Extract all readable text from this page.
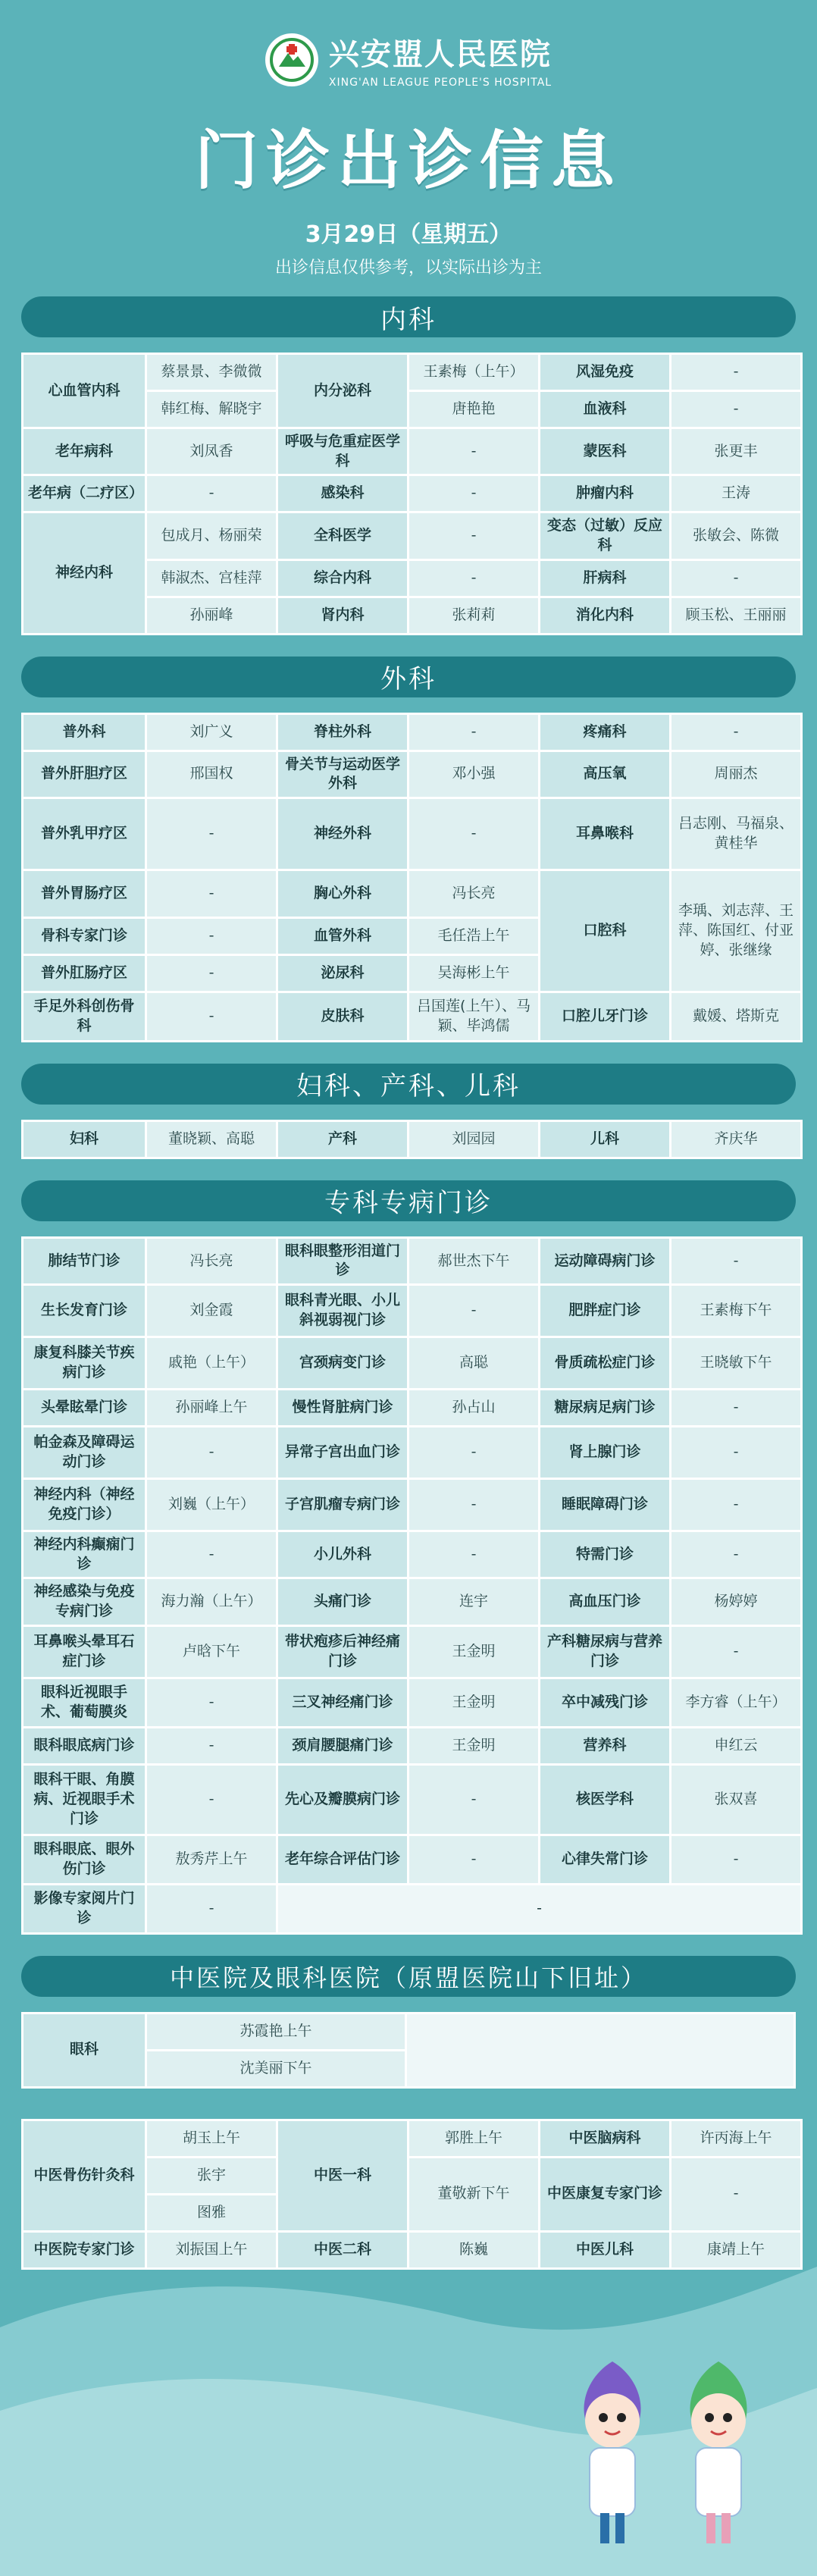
兴安盟人民医院
XING'AN LEAGUE PEOPLE'S HOSPITAL
门诊出诊信息
3月29日（星期五）
出诊信息仅供参考，以实际出诊为主
内科
心血管内科	蔡景景、李微微	内分泌科	王素梅（上午）	风湿免疫	-
	韩红梅、解晓宇		唐艳艳	血液科	-
老年病科	刘凤香	呼吸与危重症医学科	-	蒙医科	张更丰
老年病（二疗区）	-	感染科	-	肿瘤内科	王涛
神经内科	包成月、杨丽荣	全科医学	-	变态（过敏）反应科	张敏会、陈微
	韩淑杰、宫桂萍	综合内科	-	肝病科	-
	孙丽峰	肾内科	张莉莉	消化内科	顾玉松、王丽丽
外科
普外科	刘广义	脊柱外科	-	疼痛科	-
普外肝胆疗区	邢国权	骨关节与运动医学外科	邓小强	高压氧	周丽杰
普外乳甲疗区	-	神经外科	-	耳鼻喉科	吕志刚、马福泉、黄桂华
普外胃肠疗区	-	胸心外科	冯长亮	口腔科	李瑀、刘志萍、王萍、陈国红、付亚婷、张继缘
骨科专家门诊	-	血管外科	毛任浩上午		
普外肛肠疗区	-	泌尿科	吴海彬上午		
手足外科创伤骨科	-	皮肤科	吕国莲(上午）、马颖、毕鸿儒	口腔儿牙门诊	戴媛、塔斯克
妇科、产科、儿科
妇科	董晓颖、高聪	产科	刘园园	儿科	齐庆华
专科专病门诊
肺结节门诊	冯长亮	眼科眼整形泪道门诊	郝世杰下午	运动障碍病门诊	-
生长发育门诊	刘金霞	眼科青光眼、小儿斜视弱视门诊	-	肥胖症门诊	王素梅下午
康复科膝关节疾病门诊	戚艳（上午）	宫颈病变门诊	高聪	骨质疏松症门诊	王晓敏下午
头晕眩晕门诊	孙丽峰上午	慢性肾脏病门诊	孙占山	糖尿病足病门诊	-
帕金森及障碍运动门诊	-	异常子宫出血门诊	-	肾上腺门诊	-
神经内科（神经免疫门诊）	刘巍（上午）	子宫肌瘤专病门诊	-	睡眠障碍门诊	-
神经内科癫痫门诊	-	小儿外科	-	特需门诊	-
神经感染与免疫专病门诊	海力瀚（上午）	头痛门诊	连宇	高血压门诊	杨婷婷
耳鼻喉头晕耳石症门诊	卢晗下午	带状疱疹后神经痛门诊	王金明	产科糖尿病与营养门诊	-
眼科近视眼手术、葡萄膜炎	-	三叉神经痛门诊	王金明	卒中减残门诊	李方睿（上午）
眼科眼底病门诊	-	颈肩腰腿痛门诊	王金明	营养科	申红云
眼科干眼、角膜病、近视眼手术门诊	-	先心及瓣膜病门诊	-	核医学科	张双喜
眼科眼底、眼外伤门诊	敖秀芹上午	老年综合评估门诊	-	心律失常门诊	-
影像专家阅片门诊	-	-			
中医院及眼科医院（原盟医院山下旧址）
眼科	苏霞艳上午	
沈美丽下午
中医骨伤针灸科	胡玉上午	中医一科	郭胜上午	中医脑病科	许丙海上午
	张宇		董敬新下午	中医康复专家门诊	-
	图雅				
中医院专家门诊	刘振国上午	中医二科	陈巍	中医儿科	康靖上午
